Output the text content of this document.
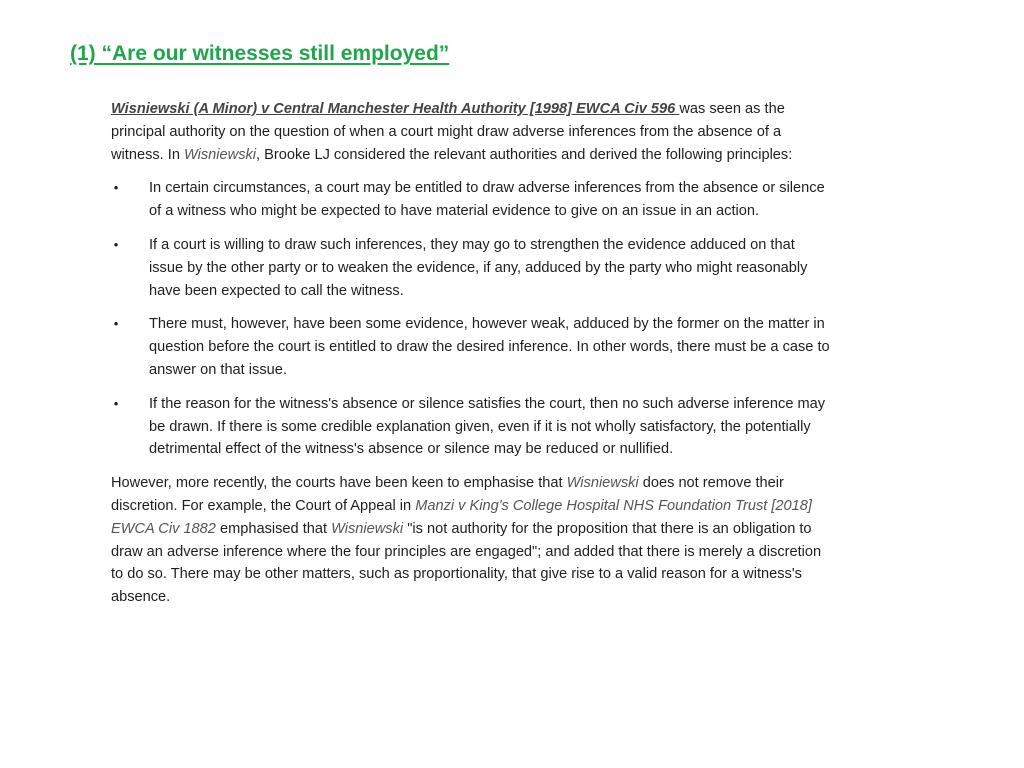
(1) “Are our witnesses still employed”

Wisniewski (A Minor) v Central Manchester Health Authority [1998] EWCA Civ 596 was seen as the principal authority on the question of when a court might draw adverse inferences from the absence of a witness. In Wisniewski, Brooke LJ considered the relevant authorities and derived the following principles:

• In certain circumstances, a court may be entitled to draw adverse inferences from the absence or silence of a witness who might be expected to have material evidence to give on an issue in an action.
• If a court is willing to draw such inferences, they may go to strengthen the evidence adduced on that issue by the other party or to weaken the evidence, if any, adduced by the party who might reasonably have been expected to call the witness.
• There must, however, have been some evidence, however weak, adduced by the former on the matter in question before the court is entitled to draw the desired inference. In other words, there must be a case to answer on that issue.
• If the reason for the witness's absence or silence satisfies the court, then no such adverse inference may be drawn. If there is some credible explanation given, even if it is not wholly satisfactory, the potentially detrimental effect of the witness's absence or silence may be reduced or nullified.

However, more recently, the courts have been keen to emphasise that Wisniewski does not remove their discretion. For example, the Court of Appeal in Manzi v King's College Hospital NHS Foundation Trust [2018] EWCA Civ 1882 emphasised that Wisniewski "is not authority for the proposition that there is an obligation to draw an adverse inference where the four principles are engaged"; and added that there is merely a discretion to do so. There may be other matters, such as proportionality, that give rise to a valid reason for a witness's absence.
